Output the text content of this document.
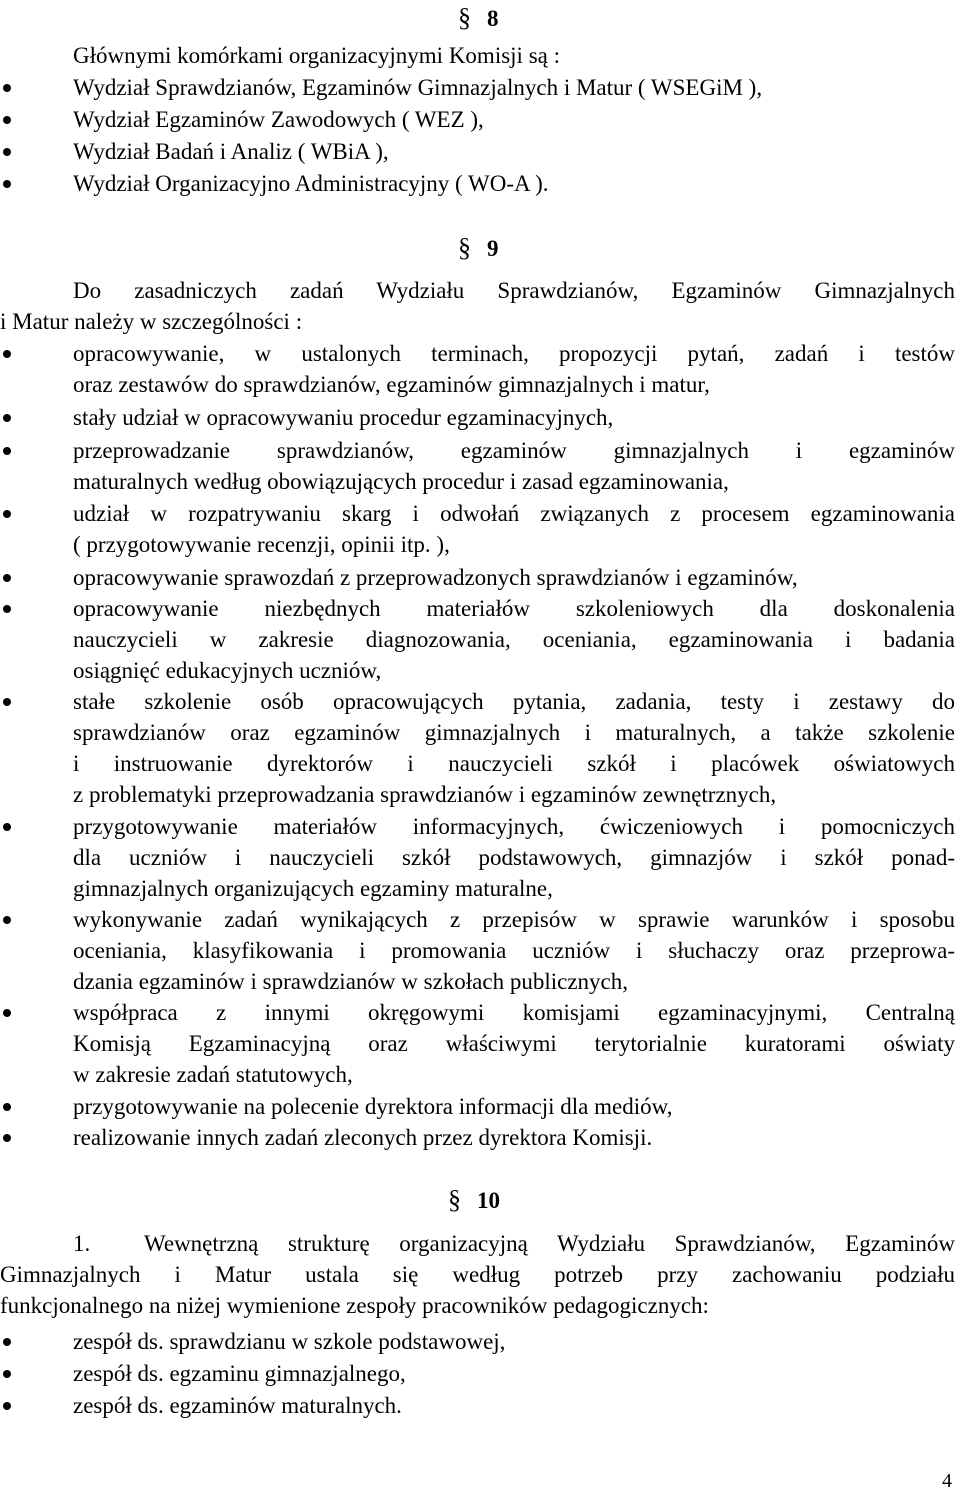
§ 8
Głównymi komórkami organizacyjnymi Komisji są :
Wydział Sprawdzianów, Egzaminów Gimnazjalnych i Matur ( WSEGiM ),
Wydział Egzaminów Zawodowych ( WEZ ),
Wydział Badań i Analiz ( WBiA ),
Wydział Organizacyjno Administracyjny ( WO-A ).
§ 9
Do zasadniczych zadań Wydziału Sprawdzianów, Egzaminów Gimnazjalnych
i Matur należy w szczególności :
opracowywanie, w ustalonych terminach, propozycji pytań, zadań i testów
oraz zestawów do sprawdzianów, egzaminów gimnazjalnych i matur,
stały udział w opracowywaniu procedur egzaminacyjnych,
przeprowadzanie sprawdzianów, egzaminów gimnazjalnych i egzaminów
maturalnych według obowiązujących procedur i zasad egzaminowania,
udział w rozpatrywaniu skarg i odwołań związanych z procesem egzaminowania
( przygotowywanie recenzji, opinii itp. ),
opracowywanie sprawozdań z przeprowadzonych sprawdzianów i egzaminów,
opracowywanie niezbędnych materiałów szkoleniowych dla doskonalenia
nauczycieli w zakresie diagnozowania, oceniania, egzaminowania i badania
osiągnięć edukacyjnych uczniów,
stałe szkolenie osób opracowujących pytania, zadania, testy i zestawy do
sprawdzianów oraz egzaminów gimnazjalnych i maturalnych, a także szkolenie
i instruowanie dyrektorów i nauczycieli szkół i placówek oświatowych
z problematyki przeprowadzania sprawdzianów i egzaminów zewnętrznych,
przygotowywanie materiałów informacyjnych, ćwiczeniowych i pomocniczych
dla uczniów i nauczycieli szkół podstawowych, gimnazjów i szkół ponad-
gimnazjalnych organizujących egzaminy maturalne,
wykonywanie zadań wynikających z przepisów w sprawie warunków i sposobu
oceniania, klasyfikowania i promowania uczniów i słuchaczy oraz przeprowa-
dzania egzaminów i sprawdzianów w szkołach publicznych,
współpraca z innymi okręgowymi komisjami egzaminacyjnymi, Centralną
Komisją Egzaminacyjną oraz właściwymi terytorialnie kuratorami oświaty
w zakresie zadań statutowych,
przygotowywanie na polecenie dyrektora informacji dla mediów,
realizowanie innych zadań zleconych przez dyrektora Komisji.
§ 10
1. Wewnętrzną strukturę organizacyjną Wydziału Sprawdzianów, Egzaminów
Gimnazjalnych i Matur ustala się według potrzeb przy zachowaniu podziału
funkcjonalnego na niżej wymienione zespoły pracowników pedagogicznych:
zespół ds. sprawdzianu w szkole podstawowej,
zespół ds. egzaminu gimnazjalnego,
zespół ds. egzaminów maturalnych.
4
